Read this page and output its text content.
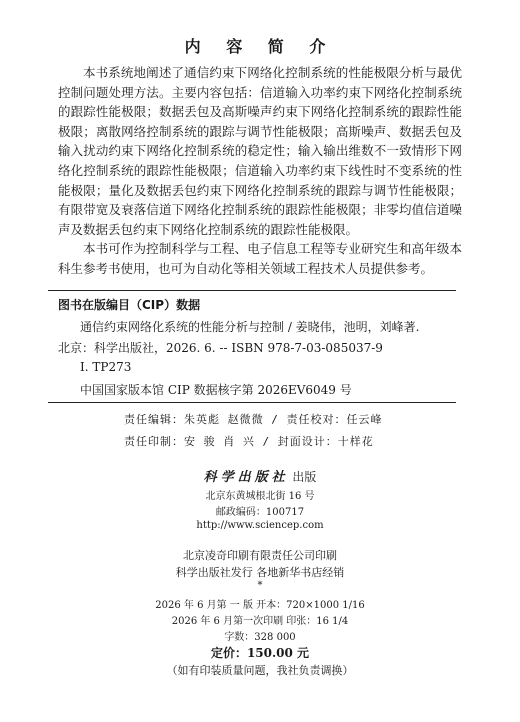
内 容 简 介

本书系统地阐述了通信约束下网络化控制系统的性能极限分析与最优控制问题处理方法。主要内容包括：信道输入功率约束下网络化控制系统的跟踪性能极限；数据丢包及高斯噪声约束下网络化控制系统的跟踪性能极限；离散网络控制系统的跟踪与调节性能极限；高斯噪声、数据丢包及输入扰动约束下网络化控制系统的稳定性；输入输出维数不一致情形下网络化控制系统的跟踪性能极限；信道输入功率约束下线性时不变系统的性能极限；量化及数据丢包约束下网络化控制系统的跟踪与调节性能极限；有限带宽及衰落信道下网络化控制系统的跟踪性能极限；非零均值信道噪声及数据丢包约束下网络化控制系统的跟踪性能极限。

本书可作为控制科学与工程、电子信息工程等专业研究生和高年级本科生参考书使用，也可为自动化等相关领域工程技术人员提供参考。

图书在版编目（CIP）数据
通信约束网络化系统的性能分析与控制 / 姜晓伟，池明，刘峰著.
北京：科学出版社，2026. 6. -- ISBN 978-7-03-085037-9
Ⅰ. TP273
中国国家版本馆 CIP 数据核字第 2026EV6049 号
责任编辑：朱英彪 赵微微 / 责任校对：任云峰
责任印制：安 骏 肖 兴 / 封面设计：十样花
科学出版社 出版
北京东黄城根北街 16 号
邮政编码：100717
http://www.sciencep.com
北京凌奇印刷有限责任公司印刷
科学出版社发行 各地新华书店经销
*
2026 年 6 月第 一 版 开本：720×1000 1/16
2026 年 6 月第一次印刷 印张：16 1/4
字数：328 000
定价：150.00 元
（如有印装质量问题，我社负责调换）
